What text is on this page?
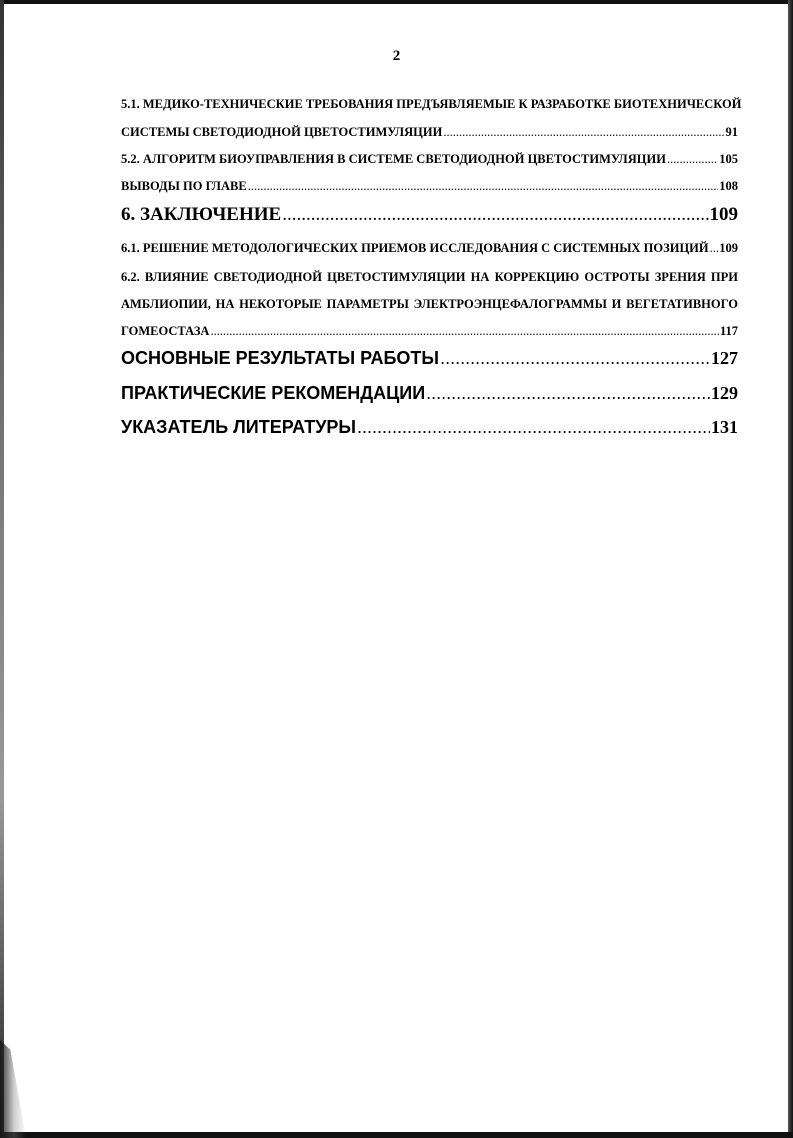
2
5.1. МЕДИКО-ТЕХНИЧЕСКИЕ ТРЕБОВАНИЯ ПРЕДЪЯВЛЯЕМЫЕ К РАЗРАБОТКЕ БИОТЕХНИЧЕСКОЙ
СИСТЕМЫ СВЕТОДИОДНОЙ ЦВЕТОСТИМУЛЯЦИИ .....	91
5.2. АЛГОРИТМ БИОУПРАВЛЕНИЯ В СИСТЕМЕ СВЕТОДИОДНОЙ ЦВЕТОСТИМУЛЯЦИИ .....	105
ВЫВОДЫ ПО ГЛАВЕ .....	108
6. ЗАКЛЮЧЕНИЕ .....	109
6.1. РЕШЕНИЕ МЕТОДОЛОГИЧЕСКИХ ПРИЕМОВ ИССЛЕДОВАНИЯ С СИСТЕМНЫХ ПОЗИЦИЙ ..... 109
6.2. ВЛИЯНИЕ СВЕТОДИОДНОЙ ЦВЕТОСТИМУЛЯЦИИ НА КОРРЕКЦИЮ ОСТРОТЫ ЗРЕНИЯ ПРИ
АМБЛИОПИИ, НА НЕКОТОРЫЕ ПАРАМЕТРЫ ЭЛЕКТРОЭНЦЕФАЛОГРАММЫ И ВЕГЕТАТИВНОГО
ГОМЕОСТАЗА .....	117
ОСНОВНЫЕ РЕЗУЛЬТАТЫ РАБОТЫ .....	127
ПРАКТИЧЕСКИЕ РЕКОМЕНДАЦИИ .....	129
УКАЗАТЕЛЬ ЛИТЕРАТУРЫ .....	131
